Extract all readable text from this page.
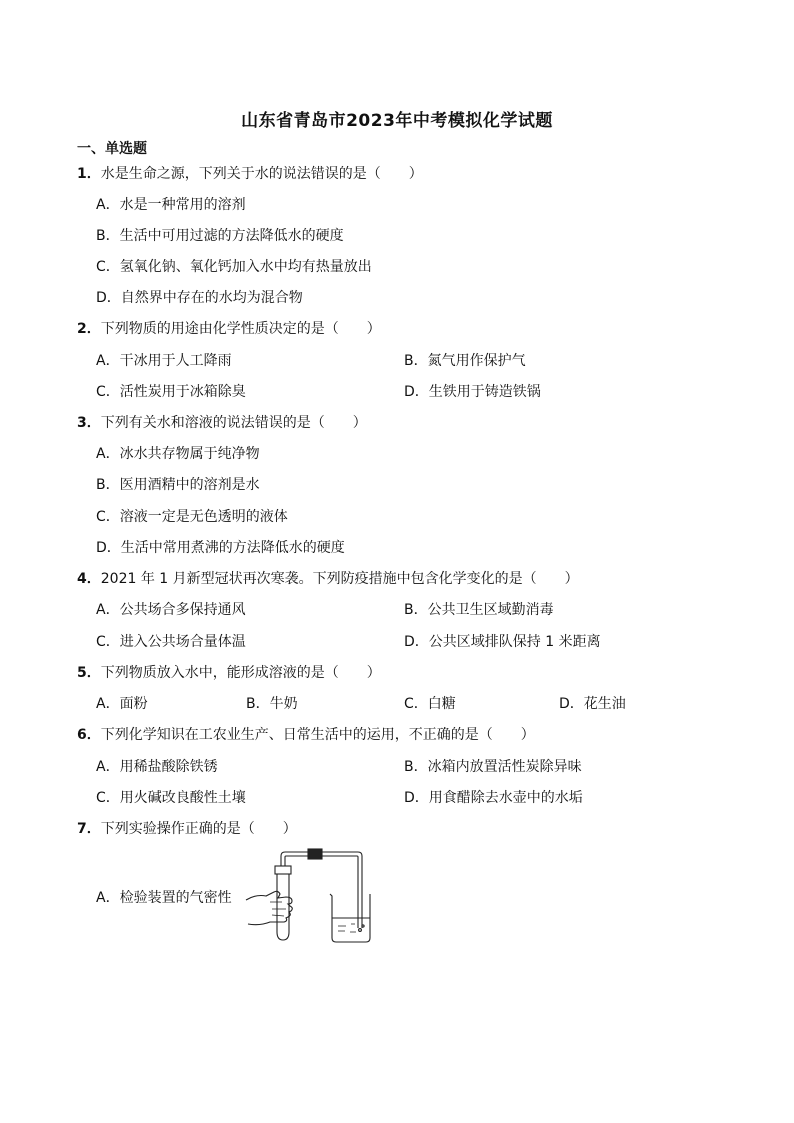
山东省青岛市2023年中考模拟化学试题
一、单选题
1．水是生命之源，下列关于水的说法错误的是（　　）
A．水是一种常用的溶剂
B．生活中可用过滤的方法降低水的硬度
C．氢氧化钠、氧化钙加入水中均有热量放出
D．自然界中存在的水均为混合物
2．下列物质的用途由化学性质决定的是（　　）
A．干冰用于人工降雨	B．氮气用作保护气
C．活性炭用于冰箱除臭	D．生铁用于铸造铁锅
3．下列有关水和溶液的说法错误的是（　　）
A．冰水共存物属于纯净物
B．医用酒精中的溶剂是水
C．溶液一定是无色透明的液体
D．生活中常用煮沸的方法降低水的硬度
4．2021 年 1 月新型冠状再次寒袭。下列防疫措施中包含化学变化的是（　　）
A．公共场合多保持通风	B．公共卫生区域勤消毒
C．进入公共场合量体温	D．公共区域排队保持 1 米距离
5．下列物质放入水中，能形成溶液的是（　　）
A．面粉	B．牛奶	C．白糖	D．花生油
6．下列化学知识在工农业生产、日常生活中的运用，不正确的是（　　）
A．用稀盐酸除铁锈	B．冰箱内放置活性炭除异味
C．用火碱改良酸性土壤	D．用食醋除去水壶中的水垢
7．下列实验操作正确的是（　　）
A．检验装置的气密性
